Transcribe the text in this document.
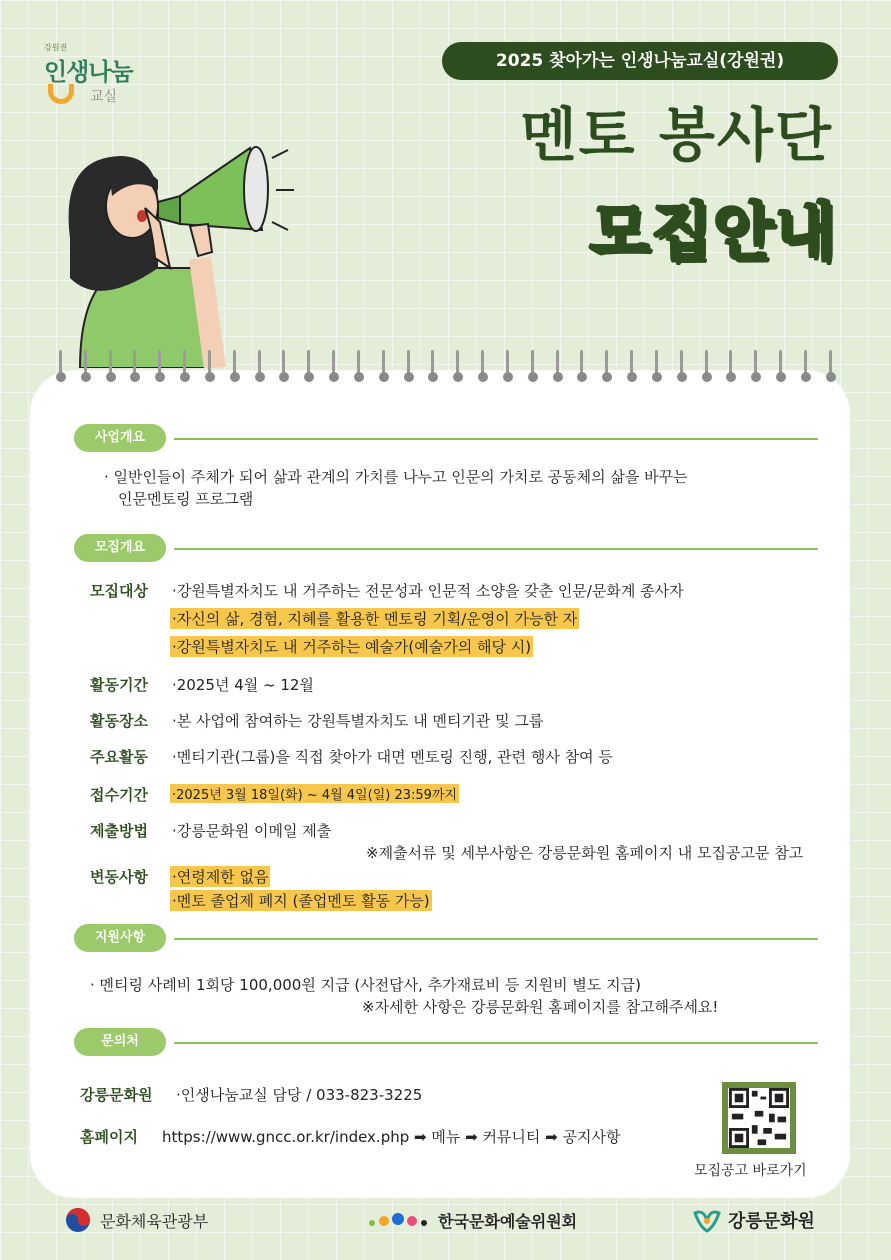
강원권
인생나눔
교실
2025 찾아가는 인생나눔교실(강원권)
멘토 봉사단
모집안내
사업개요
· 일반인들이 주체가 되어 삶과 관계의 가치를 나누고 인문의 가치로 공동체의 삶을 바꾸는
인문멘토링 프로그램
모집개요
모집대상 ·강원특별자치도 내 거주하는 전문성과 인문적 소양을 갖춘 인문/문화계 종사자
·자신의 삶, 경험, 지혜를 활용한 멘토링 기획/운영이 가능한 자
·강원특별자치도 내 거주하는 예술가(예술가의 해당 시)
활동기간 ·2025년 4월 ~ 12월
활동장소 ·본 사업에 참여하는 강원특별자치도 내 멘티기관 및 그룹
주요활동 ·멘티기관(그룹)을 직접 찾아가 대면 멘토링 진행, 관련 행사 참여 등
접수기간 ·2025년 3월 18일(화) ~ 4월 4일(일) 23:59까지
제출방법 ·강릉문화원 이메일 제출
※제출서류 및 세부사항은 강릉문화원 홈페이지 내 모집공고문 참고
변동사항 ·연령제한 없음
·멘토 졸업제 폐지 (졸업멘토 활동 가능)
지원사항
· 멘티링 사례비 1회당 100,000원 지급 (사전답사, 추가재료비 등 지원비 별도 지급)
※자세한 사항은 강릉문화원 홈페이지를 참고해주세요!
문의처
강릉문화원 ·인생나눔교실 담당 / 033-823-3225
홈페이지 https://www.gncc.or.kr/index.php ➡ 메뉴 ➡ 커뮤니티 ➡ 공지사항
모집공고 바로가기
문화체육관광부	한국문화예술위원회	강릉문화원
